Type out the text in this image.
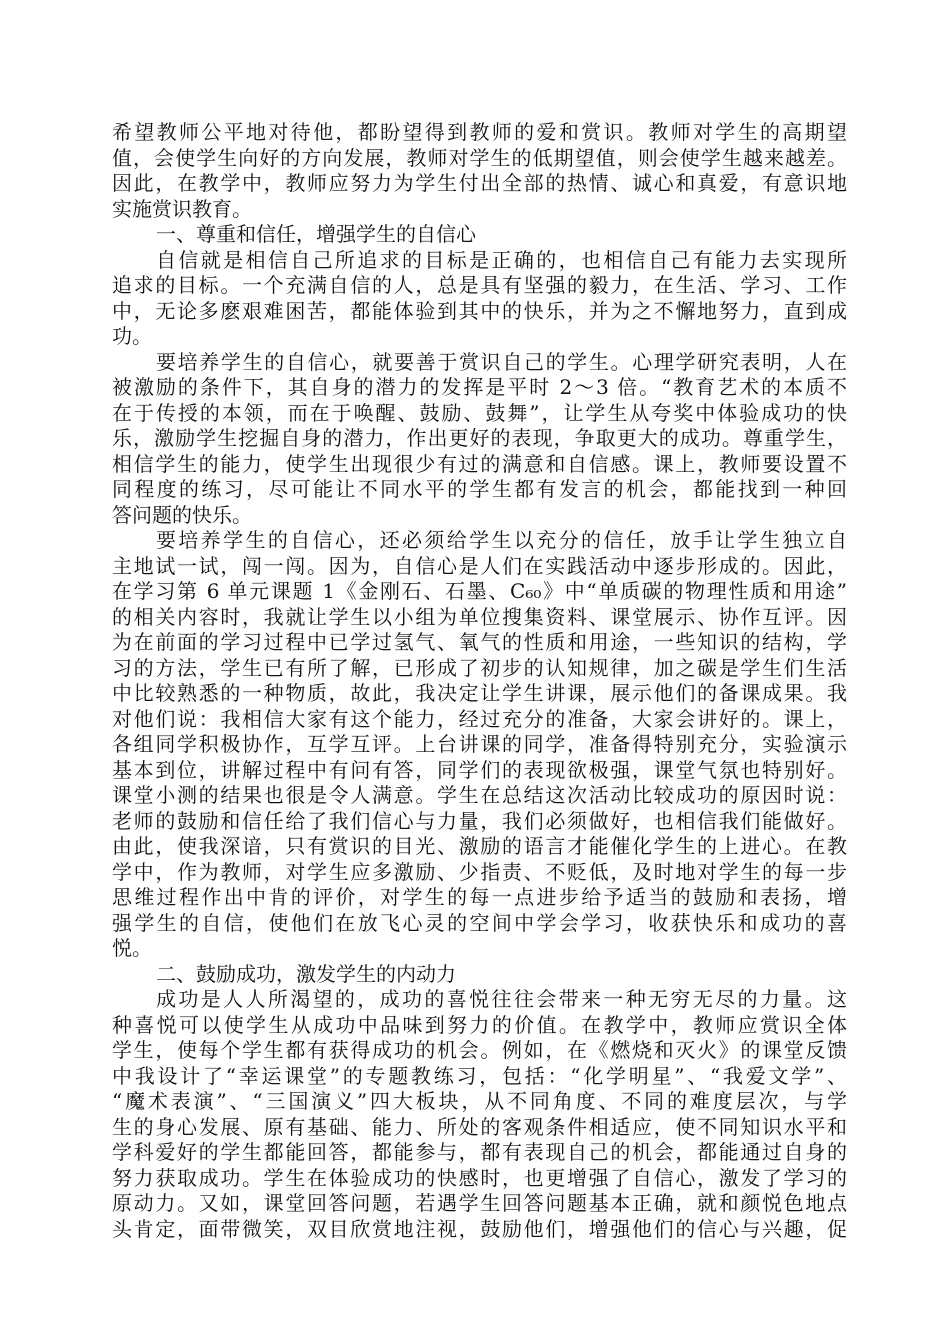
希望教师公平地对待他，都盼望得到教师的爱和赏识。教师对学生的高期望
值，会使学生向好的方向发展，教师对学生的低期望值，则会使学生越来越差。
因此，在教学中，教师应努力为学生付出全部的热情、诚心和真爱，有意识地
实施赏识教育。
一、尊重和信任，增强学生的自信心
自信就是相信自己所追求的目标是正确的，也相信自己有能力去实现所
追求的目标。一个充满自信的人，总是具有坚强的毅力，在生活、学习、工作
中，无论多麽艰难困苦，都能体验到其中的快乐，并为之不懈地努力，直到成
功。
要培养学生的自信心，就要善于赏识自己的学生。心理学研究表明，人在
被激励的条件下，其自身的潜力的发挥是平时 2～3 倍。“教育艺术的本质不
在于传授的本领，而在于唤醒、鼓励、鼓舞”，让学生从夸奖中体验成功的快
乐，激励学生挖掘自身的潜力，作出更好的表现，争取更大的成功。尊重学生，
相信学生的能力，使学生出现很少有过的满意和自信感。课上，教师要设置不
同程度的练习，尽可能让不同水平的学生都有发言的机会，都能找到一种回
答问题的快乐。
要培养学生的自信心，还必须给学生以充分的信任，放手让学生独立自
主地试一试，闯一闯。因为，自信心是人们在实践活动中逐步形成的。因此，
在学习第 6 单元课题 1《金刚石、石墨、C₆₀》中“单质碳的物理性质和用途”
的相关内容时，我就让学生以小组为单位搜集资料、课堂展示、协作互评。因
为在前面的学习过程中已学过氢气、氧气的性质和用途，一些知识的结构，学
习的方法，学生已有所了解，已形成了初步的认知规律，加之碳是学生们生活
中比较熟悉的一种物质，故此，我决定让学生讲课，展示他们的备课成果。我
对他们说：我相信大家有这个能力，经过充分的准备，大家会讲好的。课上，
各组同学积极协作，互学互评。上台讲课的同学，准备得特别充分，实验演示
基本到位，讲解过程中有问有答，同学们的表现欲极强，课堂气氛也特别好。
课堂小测的结果也很是令人满意。学生在总结这次活动比较成功的原因时说：
老师的鼓励和信任给了我们信心与力量，我们必须做好，也相信我们能做好。
由此，使我深谙，只有赏识的目光、激励的语言才能催化学生的上进心。在教
学中，作为教师，对学生应多激励、少指责、不贬低，及时地对学生的每一步
思维过程作出中肯的评价，对学生的每一点进步给予适当的鼓励和表扬，增
强学生的自信，使他们在放飞心灵的空间中学会学习，收获快乐和成功的喜
悦。
二、鼓励成功，激发学生的内动力
成功是人人所渴望的，成功的喜悦往往会带来一种无穷无尽的力量。这
种喜悦可以使学生从成功中品味到努力的价值。在教学中，教师应赏识全体
学生，使每个学生都有获得成功的机会。例如，在《燃烧和灭火》的课堂反馈
中我设计了“幸运课堂”的专题教练习，包括：“化学明星”、“我爱文学”、
“魔术表演”、“三国演义”四大板块，从不同角度、不同的难度层次，与学
生的身心发展、原有基础、能力、所处的客观条件相适应，使不同知识水平和
学科爱好的学生都能回答，都能参与，都有表现自己的机会，都能通过自身的
努力获取成功。学生在体验成功的快感时，也更增强了自信心，激发了学习的
原动力。又如，课堂回答问题，若遇学生回答问题基本正确，就和颜悦色地点
头肯定，面带微笑，双目欣赏地注视，鼓励他们，增强他们的信心与兴趣，促
